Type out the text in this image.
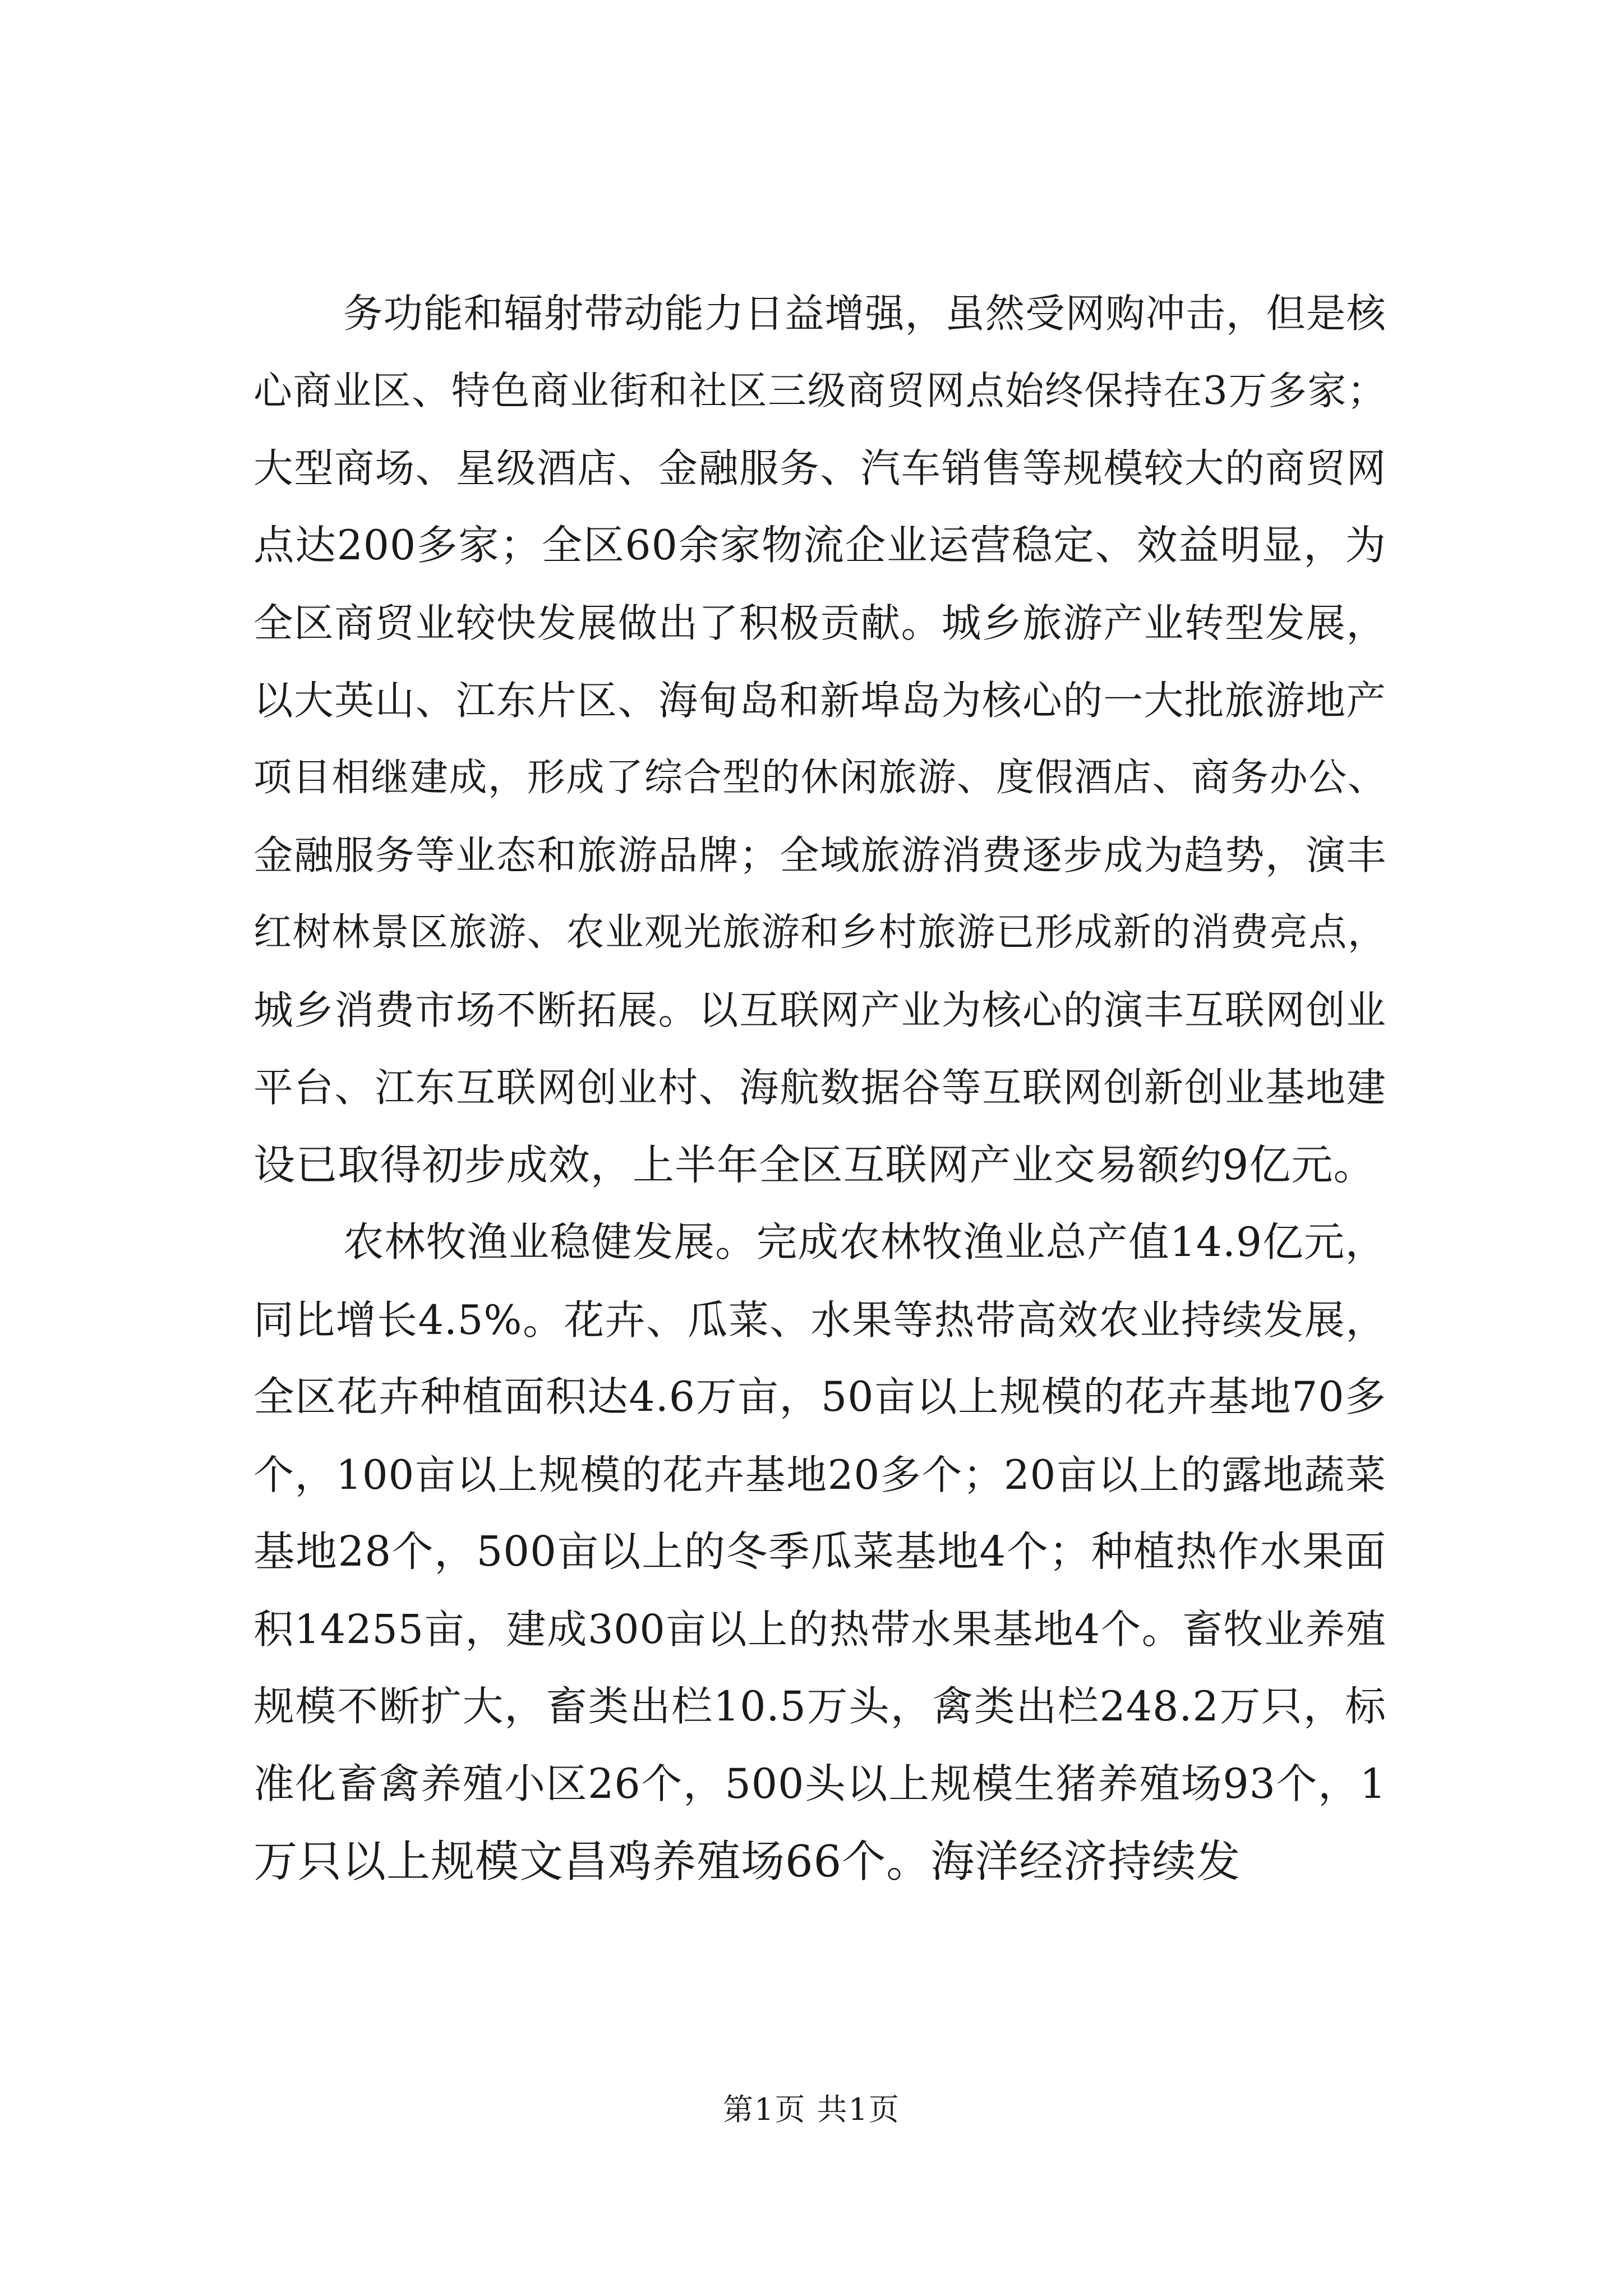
务功能和辐射带动能力日益增强，虽然受网购冲击，但是核
心商业区、特色商业街和社区三级商贸网点始终保持在3万多家；
大型商场、星级酒店、金融服务、汽车销售等规模较大的商贸网
点达200多家；全区60余家物流企业运营稳定、效益明显，为
全区商贸业较快发展做出了积极贡献。城乡旅游产业转型发展，
以大英山、江东片区、海甸岛和新埠岛为核心的一大批旅游地产
项目相继建成，形成了综合型的休闲旅游、度假酒店、商务办公、
金融服务等业态和旅游品牌；全域旅游消费逐步成为趋势，演丰
红树林景区旅游、农业观光旅游和乡村旅游已形成新的消费亮点，
城乡消费市场不断拓展。以互联网产业为核心的演丰互联网创业
平台、江东互联网创业村、海航数据谷等互联网创新创业基地建
设已取得初步成效，上半年全区互联网产业交易额约9亿元。
农林牧渔业稳健发展。完成农林牧渔业总产值14.9亿元，
同比增长4.5%。花卉、瓜菜、水果等热带高效农业持续发展，
全区花卉种植面积达4.6万亩，50亩以上规模的花卉基地70多
个，100亩以上规模的花卉基地20多个；20亩以上的露地蔬菜
基地28个，500亩以上的冬季瓜菜基地4个；种植热作水果面
积14255亩，建成300亩以上的热带水果基地4个。畜牧业养殖
规模不断扩大，畜类出栏10.5万头，禽类出栏248.2万只，标
准化畜禽养殖小区26个，500头以上规模生猪养殖场93个，1
万只以上规模文昌鸡养殖场66个。海洋经济持续发
第1页 共1页
